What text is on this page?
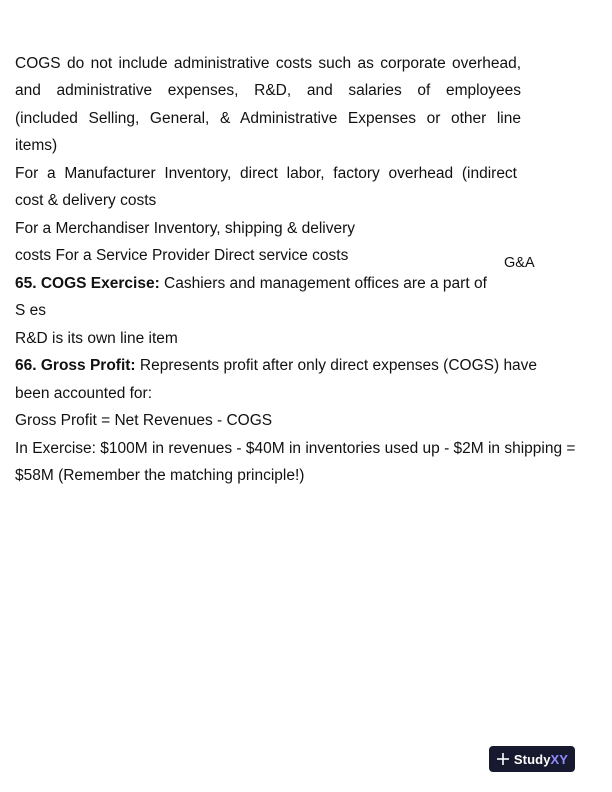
COGS do not include administrative costs such as corporate overhead,
and administrative expenses, R&D, and salaries of employees
(included Selling, General, & Administrative Expenses or other line
items)
For a Manufacturer Inventory, direct labor, factory overhead (indirect
cost & delivery costs
For a Merchandiser Inventory, shipping & delivery
costs For a Service Provider Direct service costs	G&A
65. COGS Exercise: Cashiers and management offices are a part of
S es
R&D is its own line item
66. Gross Profit: Represents profit after only direct expenses (COGS) have
been accounted for:
Gross Profit = Net Revenues - COGS
In Exercise: $100M in revenues - $40M in inventories used up - $2M in shipping =
$58M (Remember the matching principle!)
StudyXY
